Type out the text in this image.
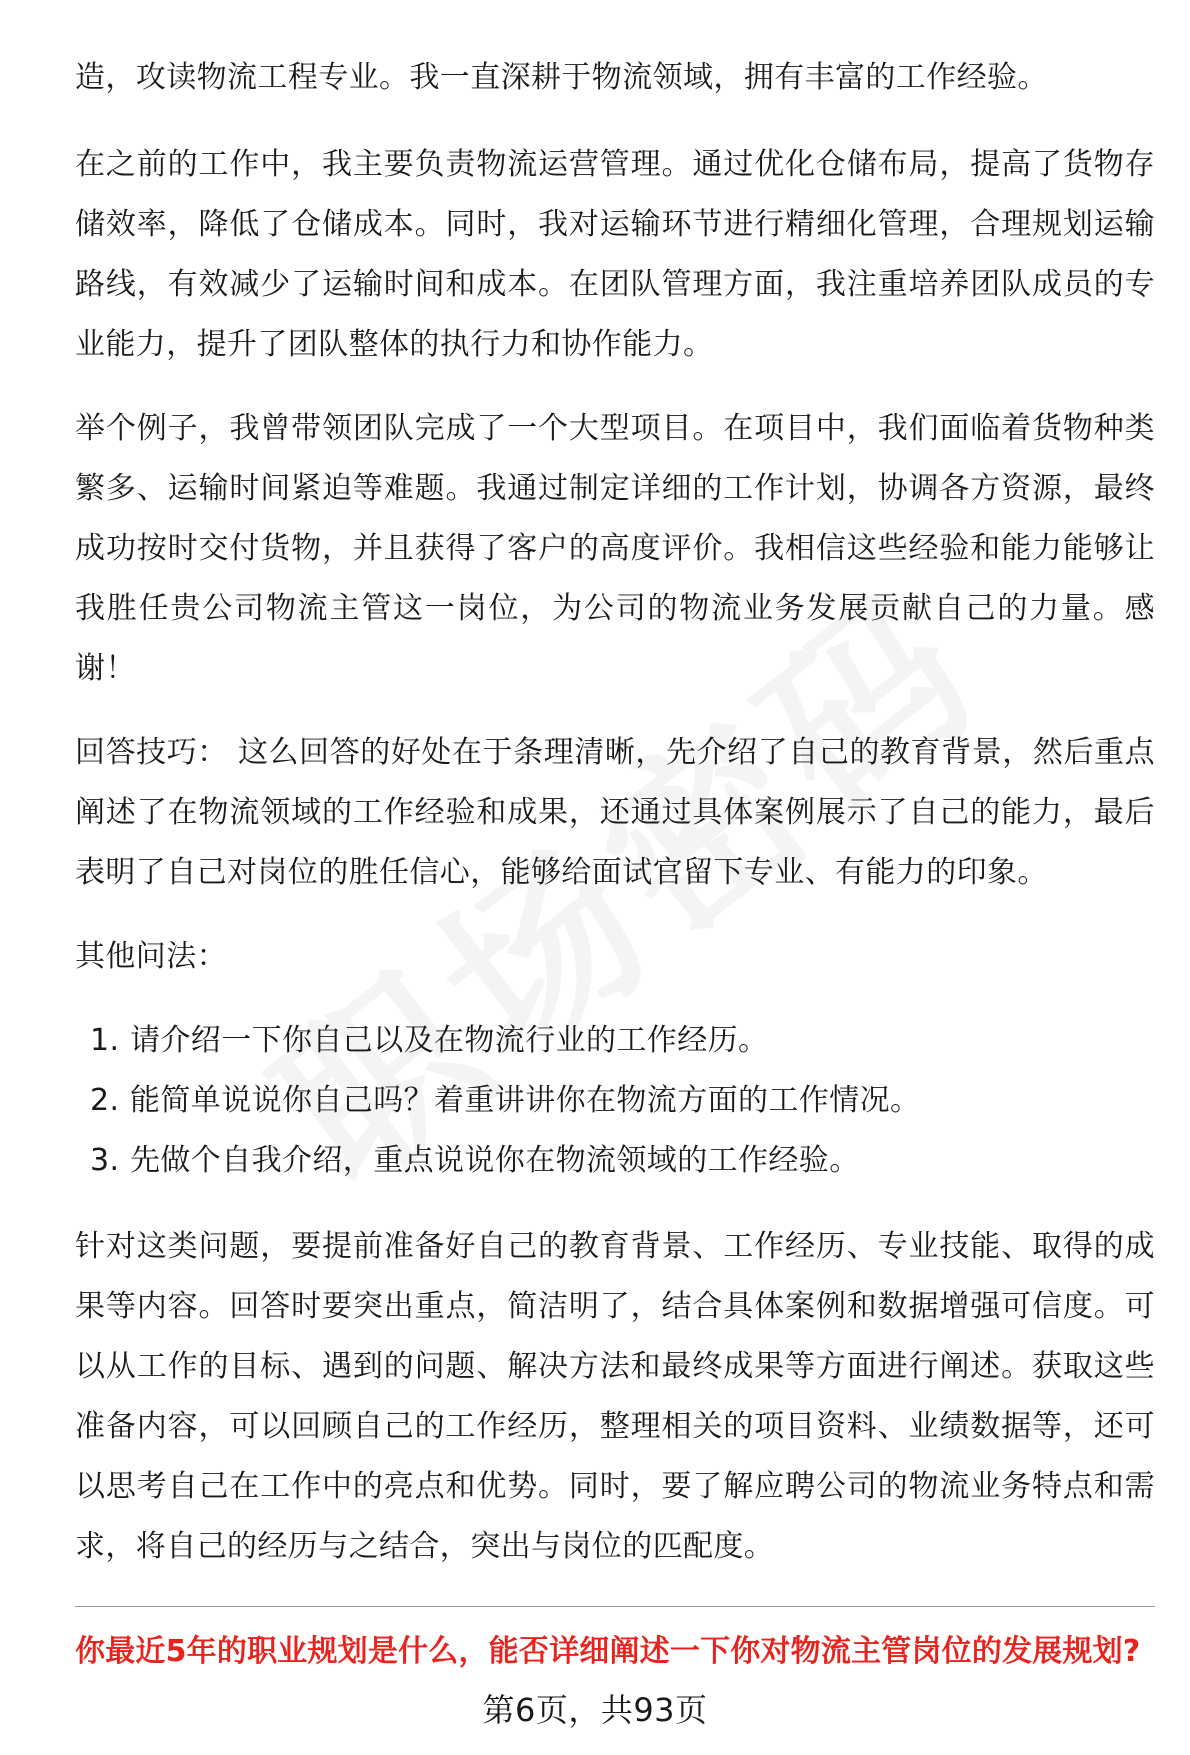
造，攻读物流工程专业。我一直深耕于物流领域，拥有丰富的工作经验。

在之前的工作中，我主要负责物流运营管理。通过优化仓储布局，提高了货物存储效率，降低了仓储成本。同时，我对运输环节进行精细化管理，合理规划运输路线，有效减少了运输时间和成本。在团队管理方面，我注重培养团队成员的专业能力，提升了团队整体的执行力和协作能力。

举个例子，我曾带领团队完成了一个大型项目。在项目中，我们面临着货物种类繁多、运输时间紧迫等难题。我通过制定详细的工作计划，协调各方资源，最终成功按时交付货物，并且获得了客户的高度评价。我相信这些经验和能力能够让我胜任贵公司物流主管这一岗位，为公司的物流业务发展贡献自己的力量。感谢！

回答技巧： 这么回答的好处在于条理清晰，先介绍了自己的教育背景，然后重点阐述了在物流领域的工作经验和成果，还通过具体案例展示了自己的能力，最后表明了自己对岗位的胜任信心，能够给面试官留下专业、有能力的印象。

其他问法：

1. 请介绍一下你自己以及在物流行业的工作经历。
2. 能简单说说你自己吗？着重讲讲你在物流方面的工作情况。
3. 先做个自我介绍，重点说说你在物流领域的工作经验。

针对这类问题，要提前准备好自己的教育背景、工作经历、专业技能、取得的成果等内容。回答时要突出重点，简洁明了，结合具体案例和数据增强可信度。可以从工作的目标、遇到的问题、解决方法和最终成果等方面进行阐述。获取这些准备内容，可以回顾自己的工作经历，整理相关的项目资料、业绩数据等，还可以思考自己在工作中的亮点和优势。同时，要了解应聘公司的物流业务特点和需求，将自己的经历与之结合，突出与岗位的匹配度。

你最近5年的职业规划是什么，能否详细阐述一下你对物流主管岗位的发展规划?
第6页，共93页
